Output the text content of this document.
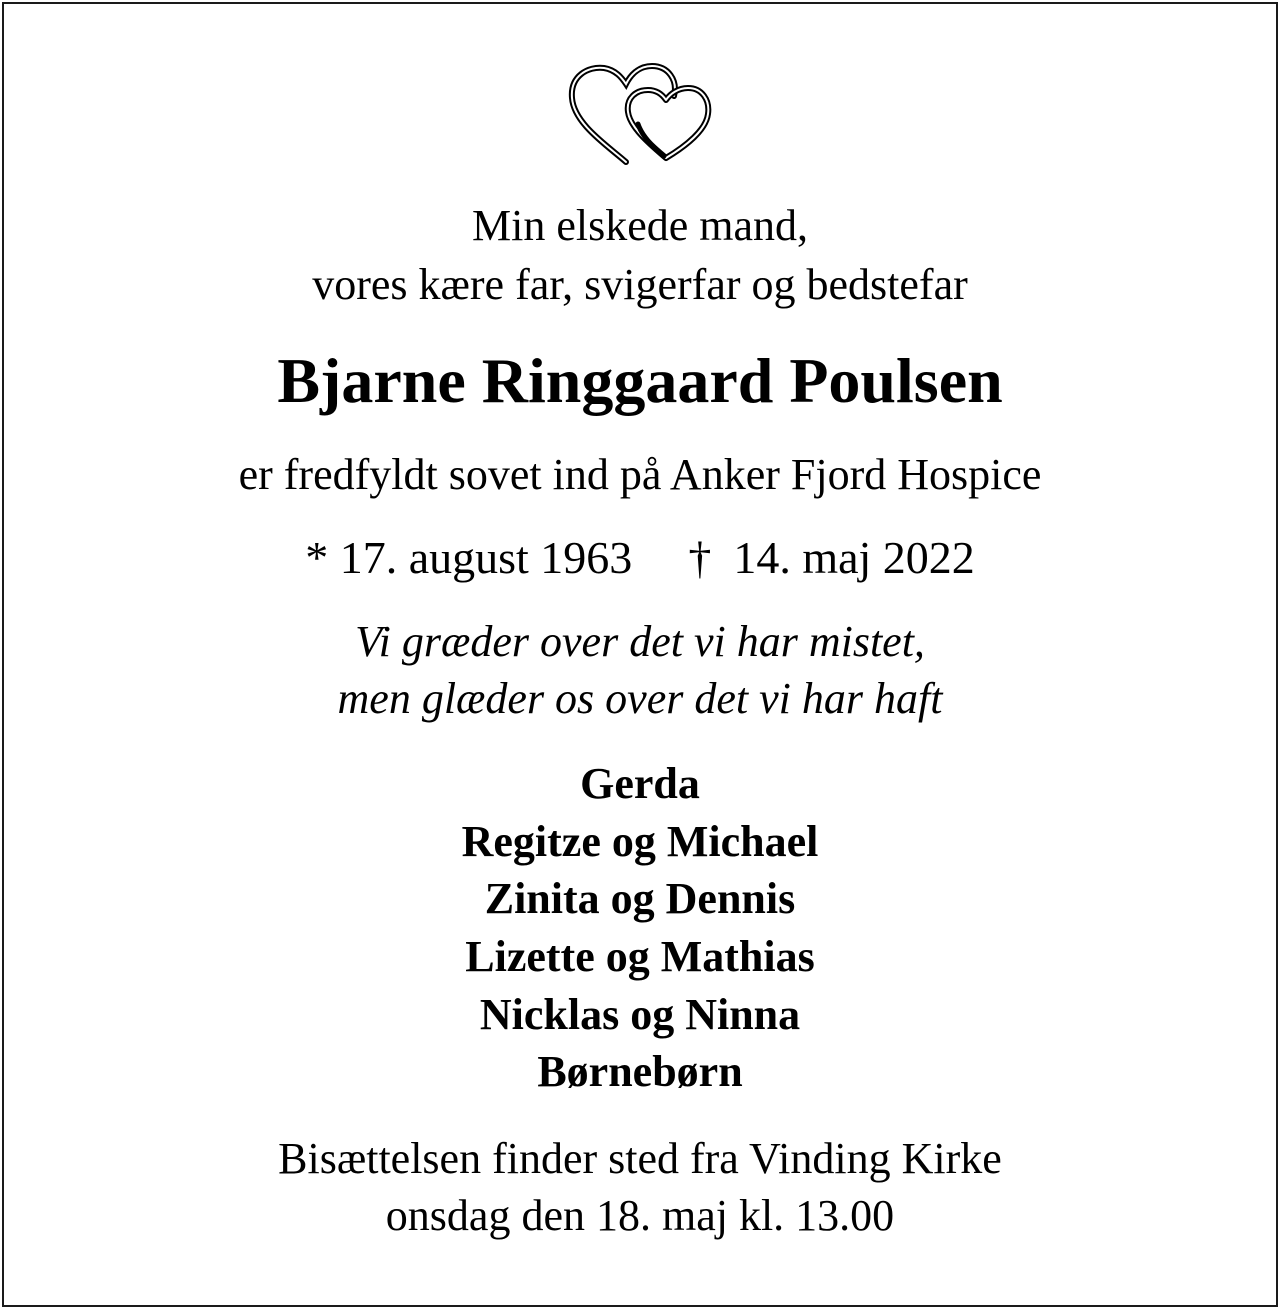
Min elskede mand,
vores kære far, svigerfar og bedstefar
Bjarne Ringgaard Poulsen
er fredfyldt sovet ind på Anker Fjord Hospice
* 17. august 1963 † 14. maj 2022
Vi græder over det vi har mistet,
men glæder os over det vi har haft
Gerda
Regitze og Michael
Zinita og Dennis
Lizette og Mathias
Nicklas og Ninna
Børnebørn
Bisættelsen finder sted fra Vinding Kirke
onsdag den 18. maj kl. 13.00
